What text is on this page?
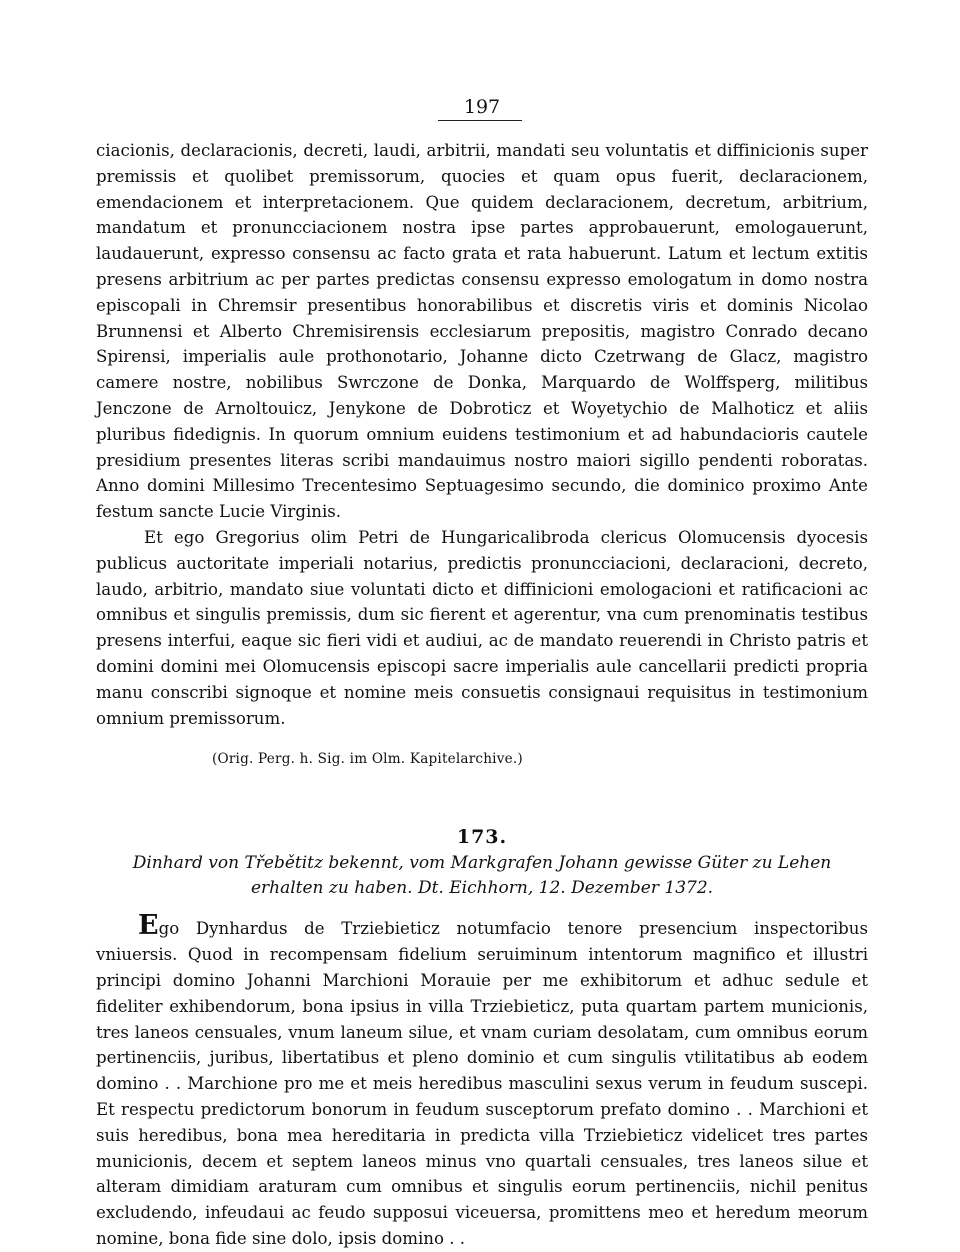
197

ciacionis, declaracionis, decreti, laudi, arbitrii, mandati seu voluntatis et diffinicionis super premissis et quolibet premissorum, quocies et quam opus fuerit, declaracionem, emendacionem et interpretacionem. Que quidem declaracionem, decretum, arbitrium, mandatum et pronuncciacionem nostra ipse partes approbauerunt, emologauerunt, laudauerunt, expresso consensu ac facto grata et rata habuerunt. Latum et lectum extitis presens arbitrium ac per partes predictas consensu expresso emologatum in domo nostra episcopali in Chremsir presentibus honorabilibus et discretis viris et dominis Nicolao Brunnensi et Alberto Chremisirensis ecclesiarum prepositis, magistro Conrado decano Spirensi, imperialis aule prothonotario, Johanne dicto Czetrwang de Glacz, magistro camere nostre, nobilibus Swrczone de Donka, Marquardo de Wolffsperg, militibus Jenczone de Arnoltouicz, Jenykone de Dobroticz et Woyetychio de Malhoticz et aliis pluribus fidedignis. In quorum omnium euidens testimonium et ad habundacioris cautele presidium presentes literas scribi mandauimus nostro maiori sigillo pendenti roboratas. Anno domini Millesimo Trecentesimo Septuagesimo secundo, die dominico proximo Ante festum sancte Lucie Virginis.

Et ego Gregorius olim Petri de Hungaricalibroda clericus Olomucensis dyocesis publicus auctoritate imperiali notarius, predictis pronuncciacioni, declaracioni, decreto, laudo, arbitrio, mandato siue voluntati dicto et diffinicioni emologacioni et ratificacioni ac omnibus et singulis premissis, dum sic fierent et agerentur, vna cum prenominatis testibus presens interfui, eaque sic fieri vidi et audiui, ac de mandato reuerendi in Christo patris et domini domini mei Olomucensis episcopi sacre imperialis aule cancellarii predicti propria manu conscribi signoque et nomine meis consuetis consignaui requisitus in testimonium omnium premissorum.

(Orig. Perg. h. Sig. im Olm. Kapitelarchive.)
173.
Dinhard von Třebětitz bekennt, vom Markgrafen Johann gewisse Güter zu Lehen erhalten zu haben. Dt. Eichhorn, 12. Dezember 1372.

Ego Dynhardus de Trziebieticz notumfacio tenore presencium inspectoribus vniuersis. Quod in recompensam fidelium seruiminum intentorum magnifico et illustri principi domino Johanni Marchioni Morauie per me exhibitorum et adhuc sedule et fideliter exhibendorum, bona ipsius in villa Trziebieticz, puta quartam partem municionis, tres laneos censuales, vnum laneum silue, et vnam curiam desolatam, cum omnibus eorum pertinenciis, juribus, libertatibus et pleno dominio et cum singulis vtilitatibus ab eodem domino . . Marchione pro me et meis heredibus masculini sexus verum in feudum suscepi. Et respectu predictorum bonorum in feudum susceptorum prefato domino . . Marchioni et suis heredibus, bona mea hereditaria in predicta villa Trziebieticz videlicet tres partes municionis, decem et septem laneos minus vno quartali censuales, tres laneos silue et alteram dimidiam araturam cum omnibus et singulis eorum pertinenciis, nichil penitus excludendo, infeudaui ac feudo supposui viceuersa, promittens meo et heredum meorum nomine, bona fide sine dolo, ipsis domino . .
